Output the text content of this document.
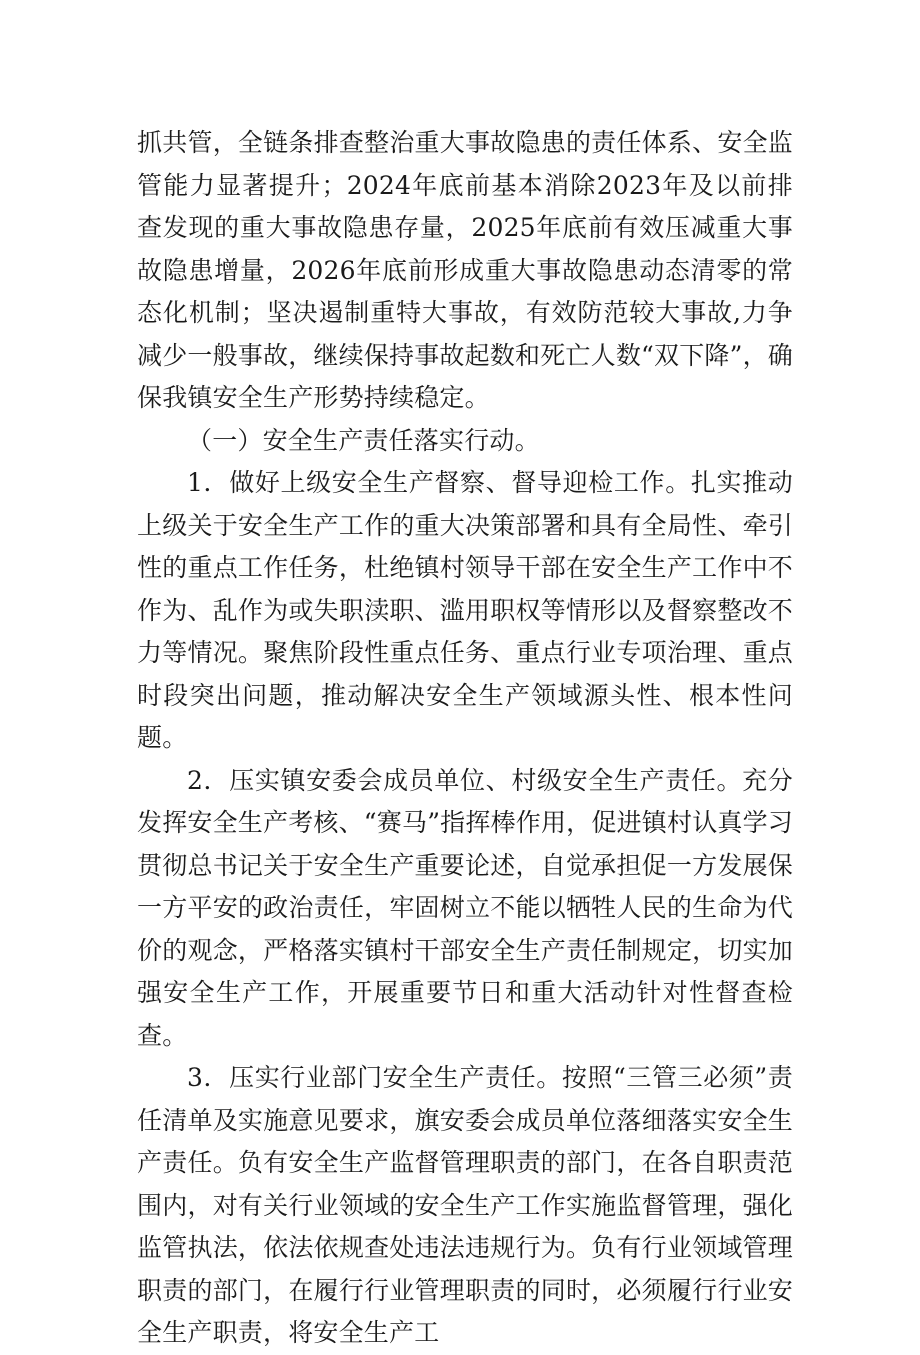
抓共管，全链条排查整治重大事故隐患的责任体系、安全监管能力显著提升；2024年底前基本消除2023年及以前排查发现的重大事故隐患存量，2025年底前有效压减重大事故隐患增量，2026年底前形成重大事故隐患动态清零的常态化机制；坚决遏制重特大事故，有效防范较大事故,力争减少一般事故，继续保持事故起数和死亡人数“双下降”，确保我镇安全生产形势持续稳定。

（一）安全生产责任落实行动。

1．做好上级安全生产督察、督导迎检工作。扎实推动上级关于安全生产工作的重大决策部署和具有全局性、牵引性的重点工作任务，杜绝镇村领导干部在安全生产工作中不作为、乱作为或失职渎职、滥用职权等情形以及督察整改不力等情况。聚焦阶段性重点任务、重点行业专项治理、重点时段突出问题，推动解决安全生产领域源头性、根本性问题。

2．压实镇安委会成员单位、村级安全生产责任。充分发挥安全生产考核、“赛马”指挥棒作用，促进镇村认真学习贯彻总书记关于安全生产重要论述，自觉承担促一方发展保一方平安的政治责任，牢固树立不能以牺牲人民的生命为代价的观念，严格落实镇村干部安全生产责任制规定，切实加强安全生产工作，开展重要节日和重大活动针对性督查检查。

3．压实行业部门安全生产责任。按照“三管三必须”责任清单及实施意见要求，旗安委会成员单位落细落实安全生产责任。负有安全生产监督管理职责的部门，在各自职责范围内，对有关行业领域的安全生产工作实施监督管理，强化监管执法，依法依规查处违法违规行为。负有行业领域管理职责的部门，在履行行业管理职责的同时，必须履行行业安全生产职责，将安全生产工
